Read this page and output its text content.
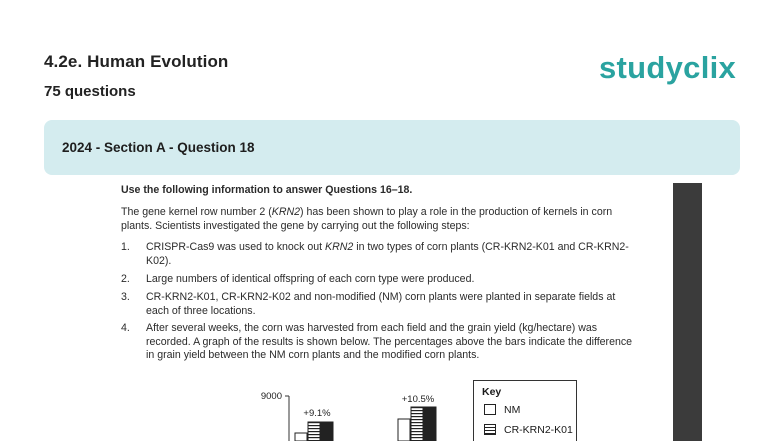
4.2e. Human Evolution
75 questions
studyclix
2024 - Section A - Question 18
Use the following information to answer Questions 16–18.
The gene kernel row number 2 (KRN2) has been shown to play a role in the production of kernels in corn plants. Scientists investigated the gene by carrying out the following steps:
1. CRISPR-Cas9 was used to knock out KRN2 in two types of corn plants (CR-KRN2-K01 and CR-KRN2-K02).
2. Large numbers of identical offspring of each corn type were produced.
3. CR-KRN2-K01, CR-KRN2-K02 and non-modified (NM) corn plants were planted in separate fields at each of three locations.
4. After several weeks, the corn was harvested from each field and the grain yield (kg/hectare) was recorded. A graph of the results is shown below. The percentages above the bars indicate the difference in grain yield between the NM corn plants and the modified corn plants.
9000
+9.1%
+10.5%
Key
NM
CR-KRN2-K01
